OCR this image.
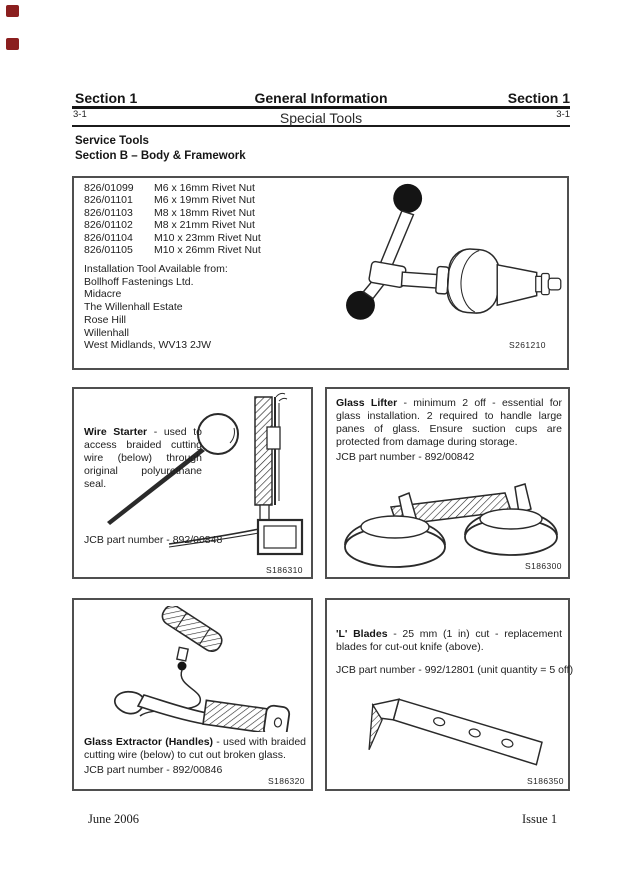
Section 1	General Information	Section 1
3-1	Special Tools	3-1
Service Tools
Section B – Body & Framework
826/01099	M6 x 16mm Rivet Nut
826/01101	M6 x 19mm Rivet Nut
826/01103	M8 x 18mm Rivet Nut
826/01102	M8 x 21mm Rivet Nut
826/01104	M10 x 23mm Rivet Nut
826/01105	M10 x 26mm Rivet Nut
Installation Tool Available from:
Bollhoff Fastenings Ltd.
Midacre
The Willenhall Estate
Rose Hill
Willenhall
West Midlands, WV13 2JW	S261210

Wire Starter - used to access braided cutting wire (below) through original polyurethane seal.

JCB part number - 892/00848
S186310

Glass Lifter - minimum 2 off - essential for glass installation. 2 required to handle large panes of glass. Ensure suction cups are protected from damage during storage.

JCB part number - 892/00842
S186300

Glass Extractor (Handles) - used with braided cutting wire (below) to cut out broken glass.

JCB part number - 892/00846
S186320

'L' Blades - 25 mm (1 in) cut - replacement blades for cut-out knife (above).

JCB part number - 992/12801 (unit quantity = 5 off)
S186350
June 2006	Issue 1
